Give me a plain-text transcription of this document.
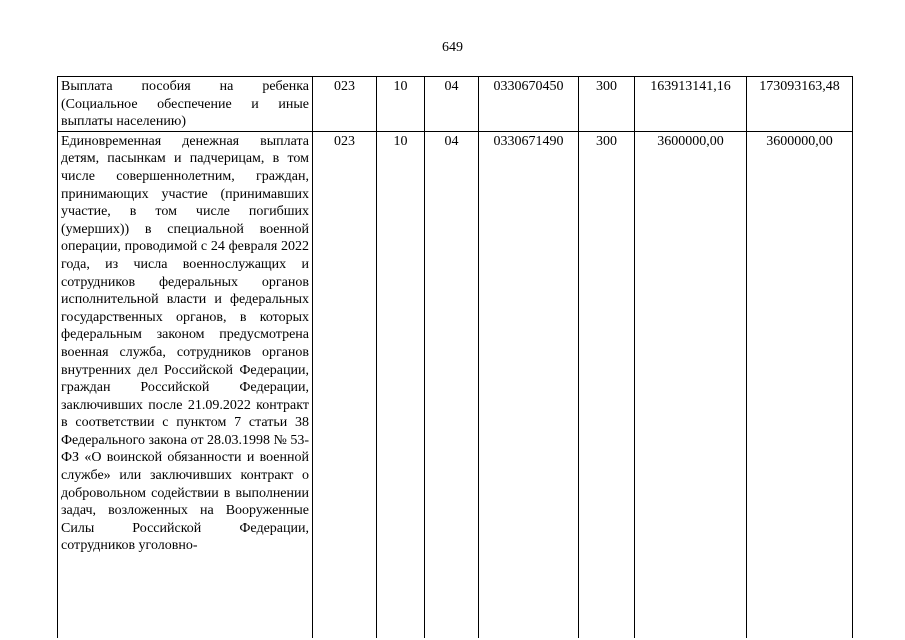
649
Выплата пособия на ребенка (Социальное обеспечение и иные выплаты населению)	023	10	04	0330670450	300	163913141,16	173093163,48
Единовременная денежная выплата детям, пасынкам и падчерицам, в том числе совершеннолетним, граждан, принимающих участие (принимавших участие, в том числе погибших (умерших)) в специальной военной операции, проводимой с 24 февраля 2022 года, из числа военнослужащих и сотрудников федеральных органов исполнительной власти и федеральных государственных органов, в которых федеральным законом предусмотрена военная служба, сотрудников органов внутренних дел Российской Федерации, граждан Российской Федерации, заключивших после 21.09.2022 контракт в соответствии с пунктом 7 статьи 38 Федерального закона от 28.03.1998 № 53-ФЗ «О воинской обязанности и военной службе» или заключивших контракт о добровольном содействии в выполнении задач, возложенных на Вооруженные Силы Российской Федерации, сотрудников уголовно-	023	10	04	0330671490	300	3600000,00	3600000,00
